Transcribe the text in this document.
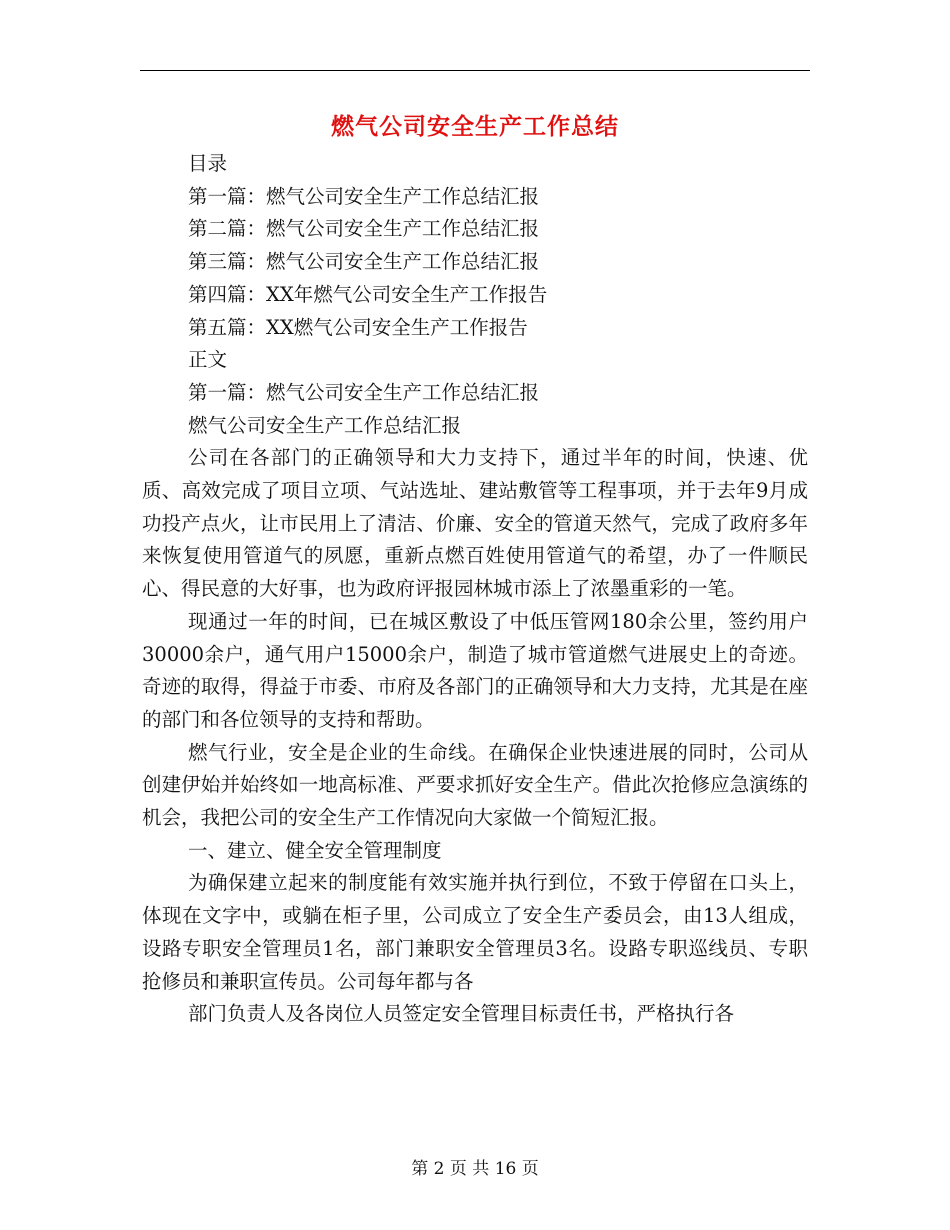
燃气公司安全生产工作总结
目录
第一篇：燃气公司安全生产工作总结汇报
第二篇：燃气公司安全生产工作总结汇报
第三篇：燃气公司安全生产工作总结汇报
第四篇：XX年燃气公司安全生产工作报告
第五篇：XX燃气公司安全生产工作报告
正文
第一篇：燃气公司安全生产工作总结汇报
燃气公司安全生产工作总结汇报

公司在各部门的正确领导和大力支持下，通过半年的时间，快速、优质、高效完成了项目立项、气站选址、建站敷管等工程事项，并于去年9月成功投产点火，让市民用上了清洁、价廉、安全的管道天然气，完成了政府多年来恢复使用管道气的夙愿，重新点燃百姓使用管道气的希望，办了一件顺民心、得民意的大好事，也为政府评报园林城市添上了浓墨重彩的一笔。

现通过一年的时间，已在城区敷设了中低压管网180余公里，签约用户30000余户，通气用户15000余户，制造了城市管道燃气进展史上的奇迹。奇迹的取得，得益于市委、市府及各部门的正确领导和大力支持，尤其是在座的部门和各位领导的支持和帮助。

燃气行业，安全是企业的生命线。在确保企业快速进展的同时，公司从创建伊始并始终如一地高标准、严要求抓好安全生产。借此次抢修应急演练的机会，我把公司的安全生产工作情况向大家做一个简短汇报。

一、建立、健全安全管理制度

为确保建立起来的制度能有效实施并执行到位，不致于停留在口头上，体现在文字中，或躺在柜子里，公司成立了安全生产委员会，由13人组成，设路专职安全管理员1名，部门兼职安全管理员3名。设路专职巡线员、专职抢修员和兼职宣传员。公司每年都与各

部门负责人及各岗位人员签定安全管理目标责任书，严格执行各

第 2 页 共 16 页
